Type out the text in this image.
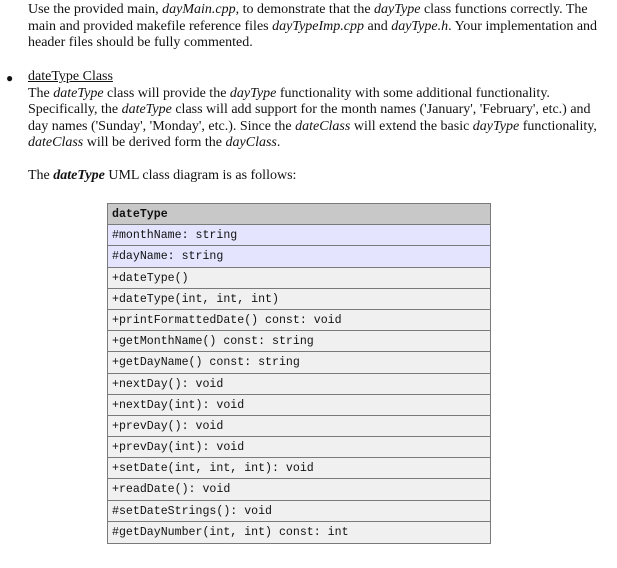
Use the provided main, dayMain.cpp, to demonstrate that the dayType class functions correctly. The main and provided makefile reference files dayTypeImp.cpp and dayType.h. Your implementation and header files should be fully commented.

● dateType Class
The dateType class will provide the dayType functionality with some additional functionality. Specifically, the dateType class will add support for the month names ('January', 'February', etc.) and day names ('Sunday', 'Monday', etc.). Since the dateClass will extend the basic dayType functionality, dateClass will be derived form the dayClass.

The dateType UML class diagram is as follows:

dateType
#monthName: string
#dayName: string
+dateType()
+dateType(int, int, int)
+printFormattedDate() const: void
+getMonthName() const: string
+getDayName() const: string
+nextDay(): void
+nextDay(int): void
+prevDay(): void
+prevDay(int): void
+setDate(int, int, int): void
+readDate(): void
#setDateStrings(): void
#getDayNumber(int, int) const: int
